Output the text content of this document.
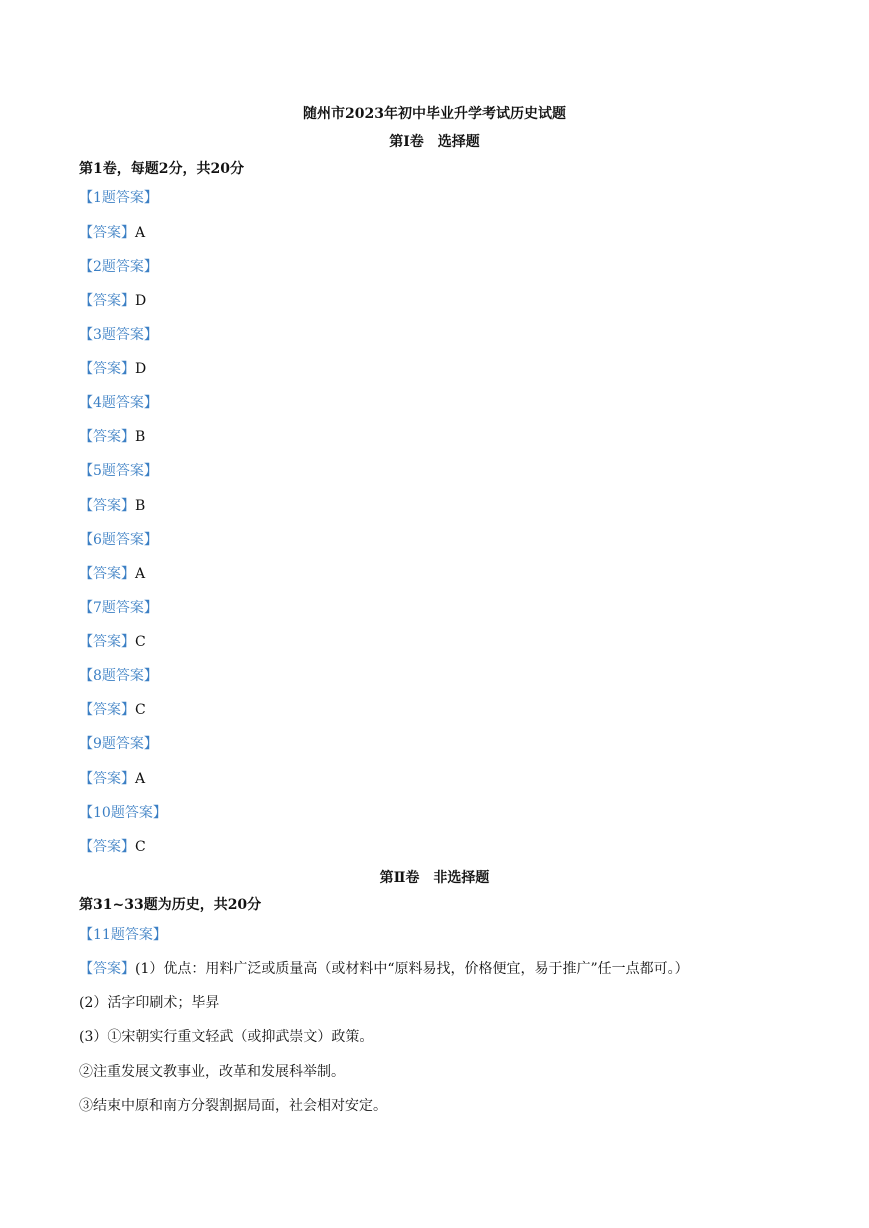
随州市2023年初中毕业升学考试历史试题
第Ⅰ卷　选择题
第1卷，每题2分，共20分
【1题答案】
【答案】A
【2题答案】
【答案】D
【3题答案】
【答案】D
【4题答案】
【答案】B
【5题答案】
【答案】B
【6题答案】
【答案】A
【7题答案】
【答案】C
【8题答案】
【答案】C
【9题答案】
【答案】A
【10题答案】
【答案】C
第Ⅱ卷　非选择题
第31~33题为历史，共20分
【11题答案】
【答案】(1）优点：用料广泛或质量高（或材料中“原料易找，价格便宜，易于推广”任一点都可。）
(2）活字印刷术；毕昇
(3）①宋朝实行重文轻武（或抑武崇文）政策。
②注重发展文教事业，改革和发展科举制。
③结束中原和南方分裂割据局面，社会相对安定。
